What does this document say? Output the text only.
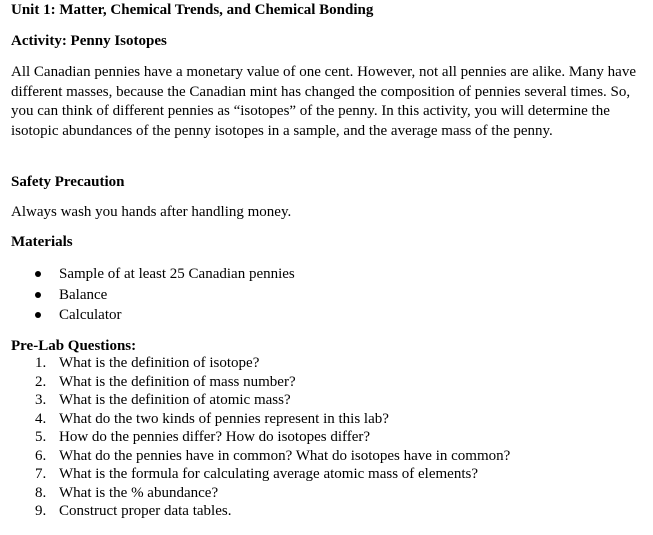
Unit 1: Matter, Chemical Trends, and Chemical Bonding
Activity: Penny Isotopes
All Canadian pennies have a monetary value of one cent. However, not all pennies are alike. Many have different masses, because the Canadian mint has changed the composition of pennies several times. So, you can think of different pennies as “isotopes” of the penny. In this activity, you will determine the isotopic abundances of the penny isotopes in a sample, and the average mass of the penny.
Safety Precaution
Always wash you hands after handling money.
Materials
Sample of at least 25 Canadian pennies
Balance
Calculator
Pre-Lab Questions:
1. What is the definition of isotope?
2. What is the definition of mass number?
3. What is the definition of atomic mass?
4. What do the two kinds of pennies represent in this lab?
5. How do the pennies differ? How do isotopes differ?
6. What do the pennies have in common? What do isotopes have in common?
7. What is the formula for calculating average atomic mass of elements?
8. What is the % abundance?
9. Construct proper data tables.
